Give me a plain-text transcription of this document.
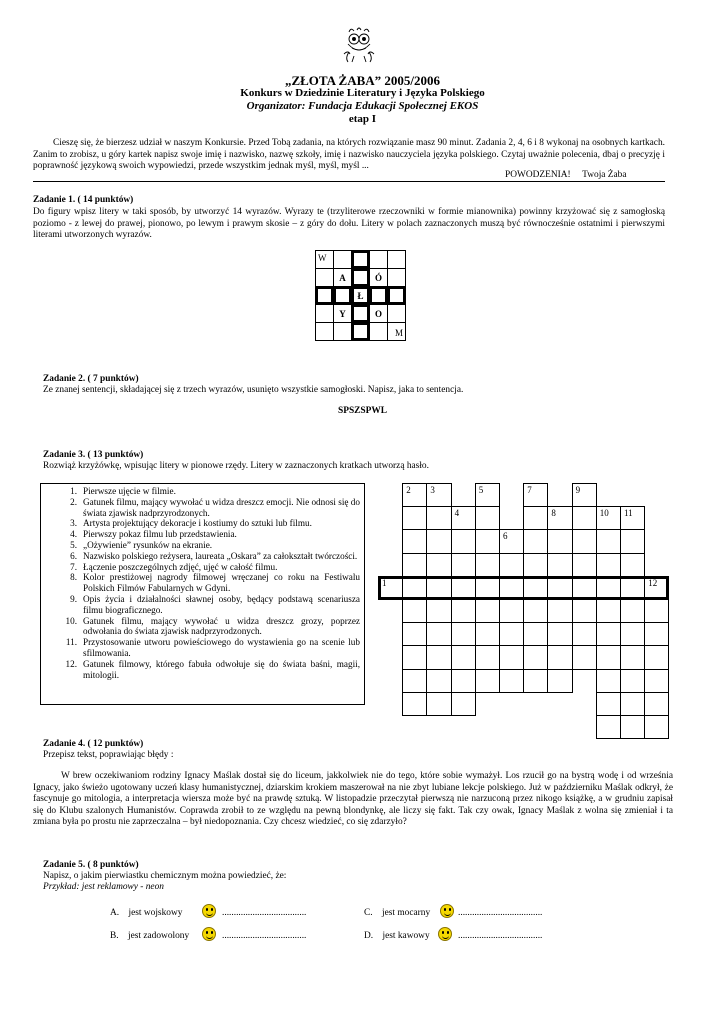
„ZŁOTA ŻABA” 2005/2006
Konkurs w Dziedzinie Literatury i Języka Polskiego
Organizator: Fundacja Edukacji Społecznej EKOS
etap I
Cieszę się, że bierzesz udział w naszym Konkursie. Przed Tobą zadania, na których rozwiązanie masz 90 minut. Zadania 2, 4, 6 i 8 wykonaj na osobnych kartkach. Zanim to zrobisz, u góry kartek napisz swoje imię i nazwisko, nazwę szkoły, imię i nazwisko nauczyciela języka polskiego. Czytaj uważnie polecenia, dbaj o precyzję i poprawność językową swoich wypowiedzi, przede wszystkim jednak myśl, myśl, myśl ...
POWODZENIA!     Twoja Żaba
Zadanie 1. ( 14 punktów)
Do figury wpisz litery w taki sposób, by utworzyć 14 wyrazów. Wyrazy te (trzyliterowe rzeczowniki w formie mianownika) powinny krzyżować się z samogłoską poziomo - z lewej do prawej, pionowo, po lewym i prawym skosie – z góry do dołu. Litery w polach zaznaczonych muszą być równocześnie ostatnimi i pierwszymi literami utworzonych wyrazów.
W
A	Ó
Ł
Y	O
M
Zadanie 2. ( 7 punktów)
Ze znanej sentencji, składającej się z trzech wyrazów, usunięto wszystkie samogłoski. Napisz, jaka to sentencja.
SPSZSPWL
Zadanie 3. ( 13 punktów)
Rozwiąż krzyżówkę, wpisując litery w pionowe rzędy. Litery w zaznaczonych kratkach utworzą hasło.
1. Pierwsze ujęcie w filmie.
2. Gatunek filmu, mający wywołać u widza dreszcz emocji. Nie odnosi się do świata zjawisk nadprzyrodzonych.
3. Artysta projektujący dekoracje i kostiumy do sztuki lub filmu.
4. Pierwszy pokaz filmu lub przedstawienia.
5. „Ożywienie” rysunków na ekranie.
6. Nazwisko polskiego reżysera, laureata „Oskara” za całokształt twórczości.
7. Łączenie poszczególnych zdjęć, ujęć w całość filmu.
8. Kolor prestiżowej nagrody filmowej wręczanej co roku na Festiwalu Polskich Filmów Fabularnych w Gdyni.
9. Opis życia i działalności sławnej osoby, będący podstawą scenariusza filmu biograficznego.
10. Gatunek filmu, mający wywołać u widza dreszcz grozy, poprzez odwołania do świata zjawisk nadprzyrodzonych.
11. Przystosowanie utworu powieściowego do wystawienia go na scenie lub sfilmowania.
12. Gatunek filmowy, którego fabuła odwołuje się do świata baśni, magii, mitologii.
1
2 3
4
5
6
7
8
9
10 11
12
Zadanie 4. ( 12 punktów)
Przepisz tekst, poprawiając błędy :
W brew oczekiwaniom rodziny Ignacy Maślak dostał się do liceum, jakkolwiek nie do tego, które sobie wymażył. Los rzucił go na bystrą wodę i od września Ignacy, jako świeżo ugotowany uczeń klasy humanistycznej, dziarskim krokiem maszerował na nie zbyt lubiane lekcje polskiego. Już w październiku Maślak odkrył, że fascynuje go mitologia, a interpretacja wiersza może być na prawdę sztuką. W listopadzie przeczytał pierwszą nie narzuconą przez nikogo książkę, a w grudniu zapisał się do Klubu szalonych Humanistów. Coprawda zrobił to ze względu na pewną blondynkę, ale liczy się fakt. Tak czy owak, Ignacy Maślak z wolna się zmieniał i ta zmiana była po prostu nie zaprzeczalna – był niedopoznania. Czy chcesz wiedzieć, co się zdarzyło?
Zadanie 5. ( 8 punktów)
Napisz, o jakim pierwiastku chemicznym można powiedzieć, że:
Przykład: jest reklamowy - neon
A. jest wojskowy	....................................
B. jest zadowolony	....................................
C. jest mocarny	....................................
D. jest kawowy	....................................
